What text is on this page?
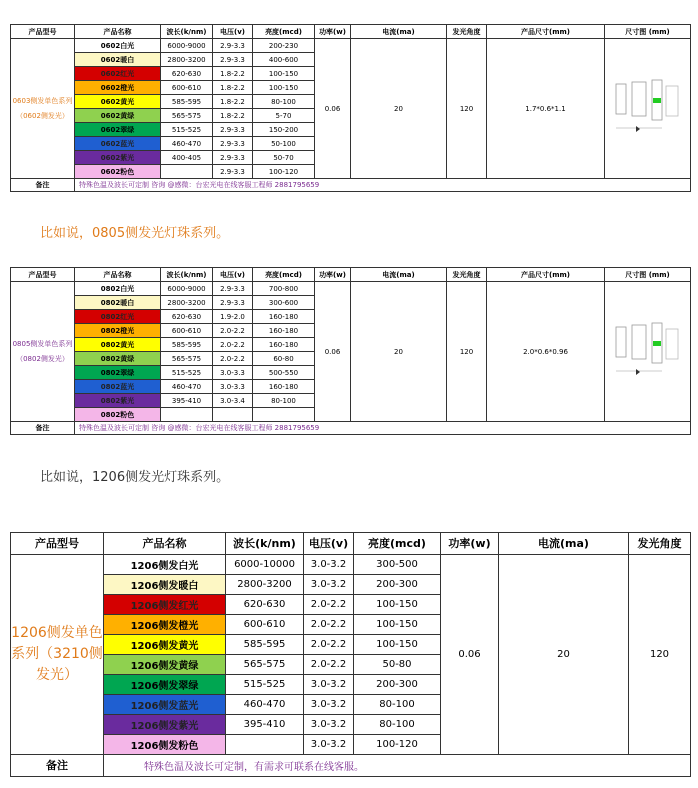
产品型号	产品名称	波长(k/nm)	电压(v)	亮度(mcd)	功率(w)	电流(ma)	发光角度	产品尺寸(mm)	尺寸图 (mm)
0603侧发单色系列（0602侧发光）	0602白光	6000-9000	2.9-3.3	200-230	0.06	20	120	1.7*0.6*1.1	
	0602暖白	2800-3200	2.9-3.3	400-600					
	0602红光	620-630	1.8-2.2	100-150					
	0602橙光	600-610	1.8-2.2	100-150					
	0602黄光	585-595	1.8-2.2	80-100					
	0602黄绿	565-575	1.8-2.2	5-70					
	0602翠绿	515-525	2.9-3.3	150-200					
	0602蓝光	460-470	2.9-3.3	50-100					
	0602紫光	400-405	2.9-3.3	50-70					
	0602粉色		2.9-3.3	100-120					
备注	特殊色温及波长可定制 咨询 @感微：台宏光电在线客服工程师 2881795659								
比如说，0805侧发光灯珠系列。
产品型号	产品名称	波长(k/nm)	电压(v)	亮度(mcd)	功率(w)	电流(ma)	发光角度	产品尺寸(mm)	尺寸图 (mm)
0805侧发单色系列（0802侧发光）	0802白光	6000-9000	2.9-3.3	700-800	0.06	20	120	2.0*0.6*0.96	
	0802暖白	2800-3200	2.9-3.3	300-600					
	0802红光	620-630	1.9-2.0	160-180					
	0802橙光	600-610	2.0-2.2	160-180					
	0802黄光	585-595	2.0-2.2	160-180					
	0802黄绿	565-575	2.0-2.2	60-80					
	0802翠绿	515-525	3.0-3.3	500-550					
	0802蓝光	460-470	3.0-3.3	160-180					
	0802紫光	395-410	3.0-3.4	80-100					
	0802粉色								
备注	特殊色温及波长可定制 咨询 @感微：台宏光电在线客服工程师 2881795659								
比如说，1206侧发光灯珠系列。

产品型号	产品名称	波长(k/nm)	电压(v)	亮度(mcd)	功率(w)	电流(ma)	发光角度
1206侧发单色系列（3210侧发光）	1206侧发白光	6000-10000	3.0-3.2	300-500	0.06	20	120
	1206侧发暖白	2800-3200	3.0-3.2	200-300			
	1206侧发红光	620-630	2.0-2.2	100-150			
	1206侧发橙光	600-610	2.0-2.2	100-150			
	1206侧发黄光	585-595	2.0-2.2	100-150			
	1206侧发黄绿	565-575	2.0-2.2	50-80			
	1206侧发翠绿	515-525	3.0-3.2	200-300			
	1206侧发蓝光	460-470	3.0-3.2	80-100			
	1206侧发紫光	395-410	3.0-3.2	80-100			
	1206侧发粉色		3.0-3.2	100-120			
备注	特殊色温及波长可定制，有需求可联系在线客服。						
